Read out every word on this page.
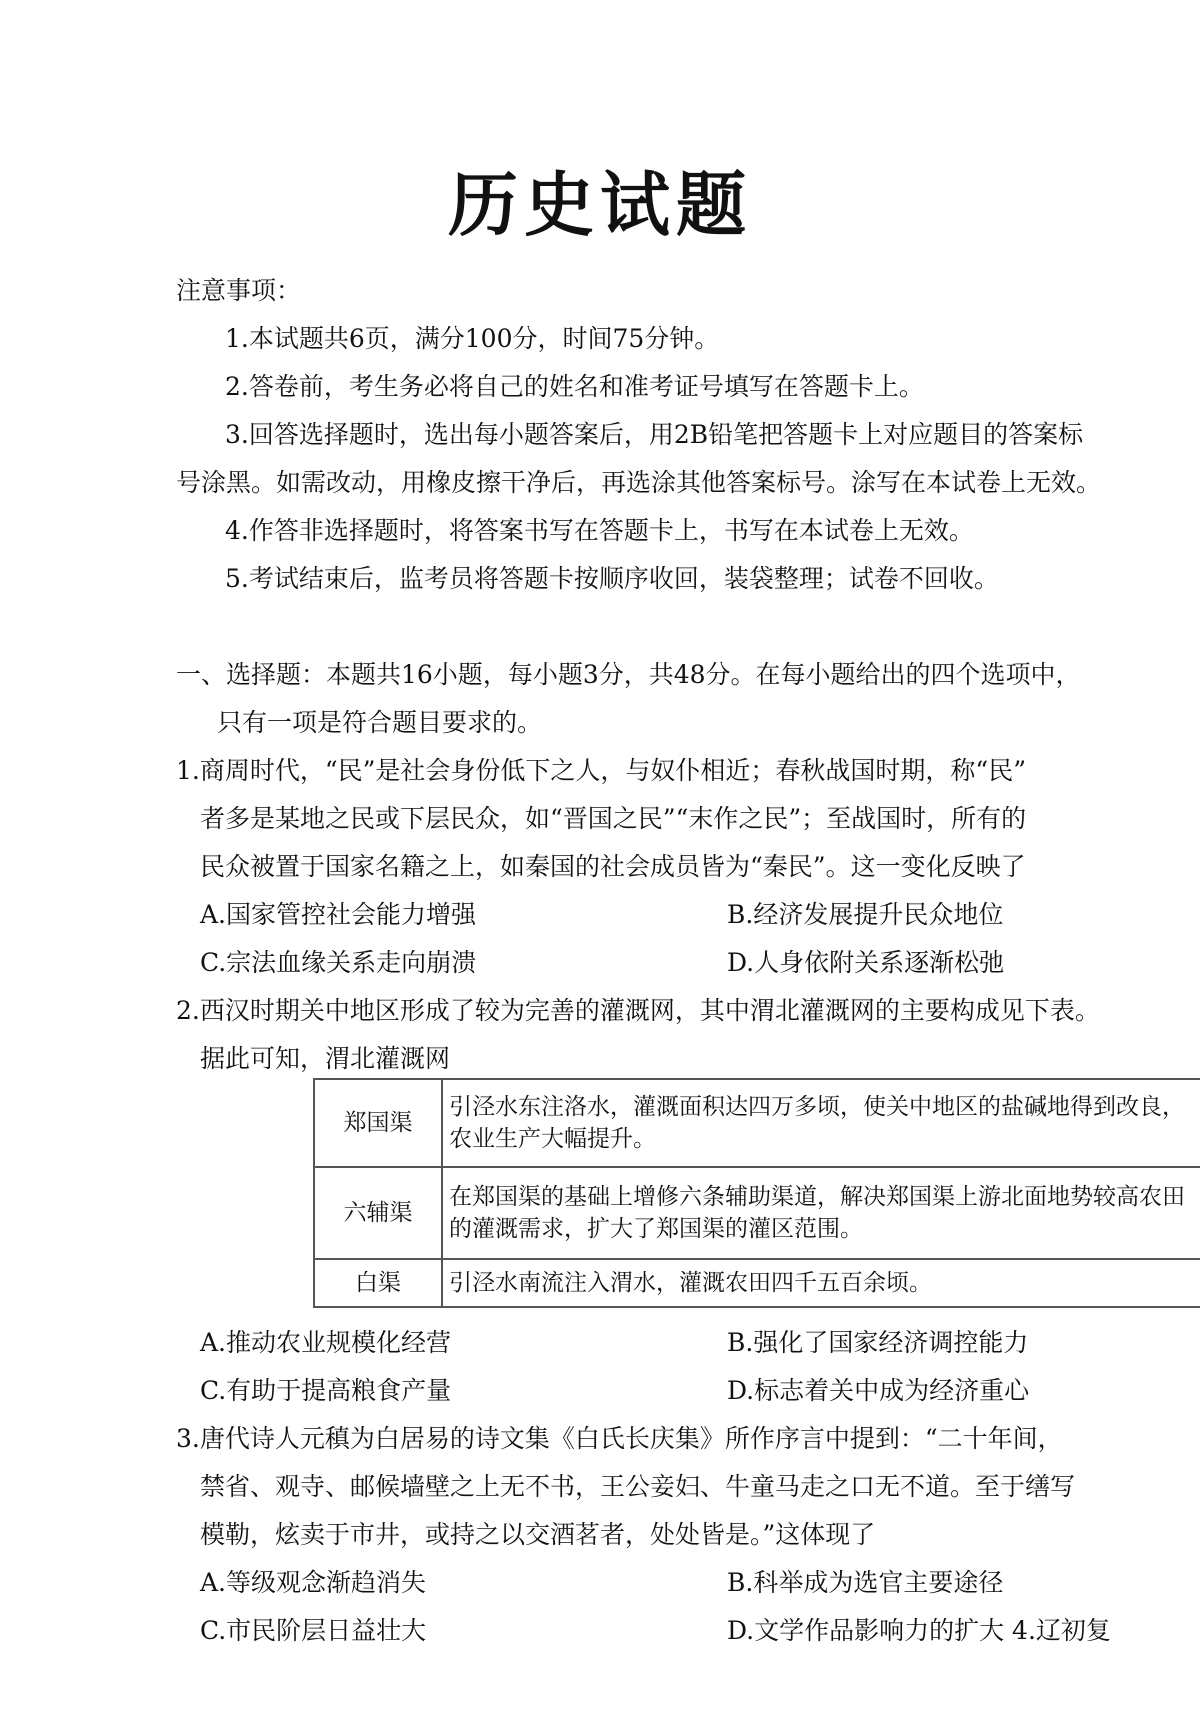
历史试题
注意事项：
1.本试题共6页，满分100分，时间75分钟。
2.答卷前，考生务必将自己的姓名和准考证号填写在答题卡上。
3.回答选择题时，选出每小题答案后，用2B铅笔把答题卡上对应题目的答案标
号涂黑。如需改动，用橡皮擦干净后，再选涂其他答案标号。涂写在本试卷上无效。
4.作答非选择题时，将答案书写在答题卡上，书写在本试卷上无效。
5.考试结束后，监考员将答题卡按顺序收回，装袋整理；试卷不回收。
一、选择题：本题共16小题，每小题3分，共48分。在每小题给出的四个选项中，
只有一项是符合题目要求的。
1.商周时代，“民”是社会身份低下之人，与奴仆相近；春秋战国时期，称“民”
者多是某地之民或下层民众，如“晋国之民”“末作之民”；至战国时，所有的
民众被置于国家名籍之上，如秦国的社会成员皆为“秦民”。这一变化反映了
A.国家管控社会能力增强	B.经济发展提升民众地位
C.宗法血缘关系走向崩溃	D.人身依附关系逐渐松弛
2.西汉时期关中地区形成了较为完善的灌溉网，其中渭北灌溉网的主要构成见下表。
据此可知，渭北灌溉网
郑国渠	引泾水东注洛水，灌溉面积达四万多顷，使关中地区的盐碱地得到改良，农业生产大幅提升。
六辅渠	在郑国渠的基础上增修六条辅助渠道，解决郑国渠上游北面地势较高农田的灌溉需求，扩大了郑国渠的灌区范围。
白渠	引泾水南流注入渭水，灌溉农田四千五百余顷。
A.推动农业规模化经营	B.强化了国家经济调控能力
C.有助于提高粮食产量	D.标志着关中成为经济重心
3.唐代诗人元稹为白居易的诗文集《白氏长庆集》所作序言中提到：“二十年间，
禁省、观寺、邮候墙壁之上无不书，王公妾妇、牛童马走之口无不道。至于缮写
模勒，炫卖于市井，或持之以交酒茗者，处处皆是。”这体现了
A.等级观念渐趋消失	B.科举成为选官主要途径
C.市民阶层日益壮大	D.文学作品影响力的扩大 4.辽初复
